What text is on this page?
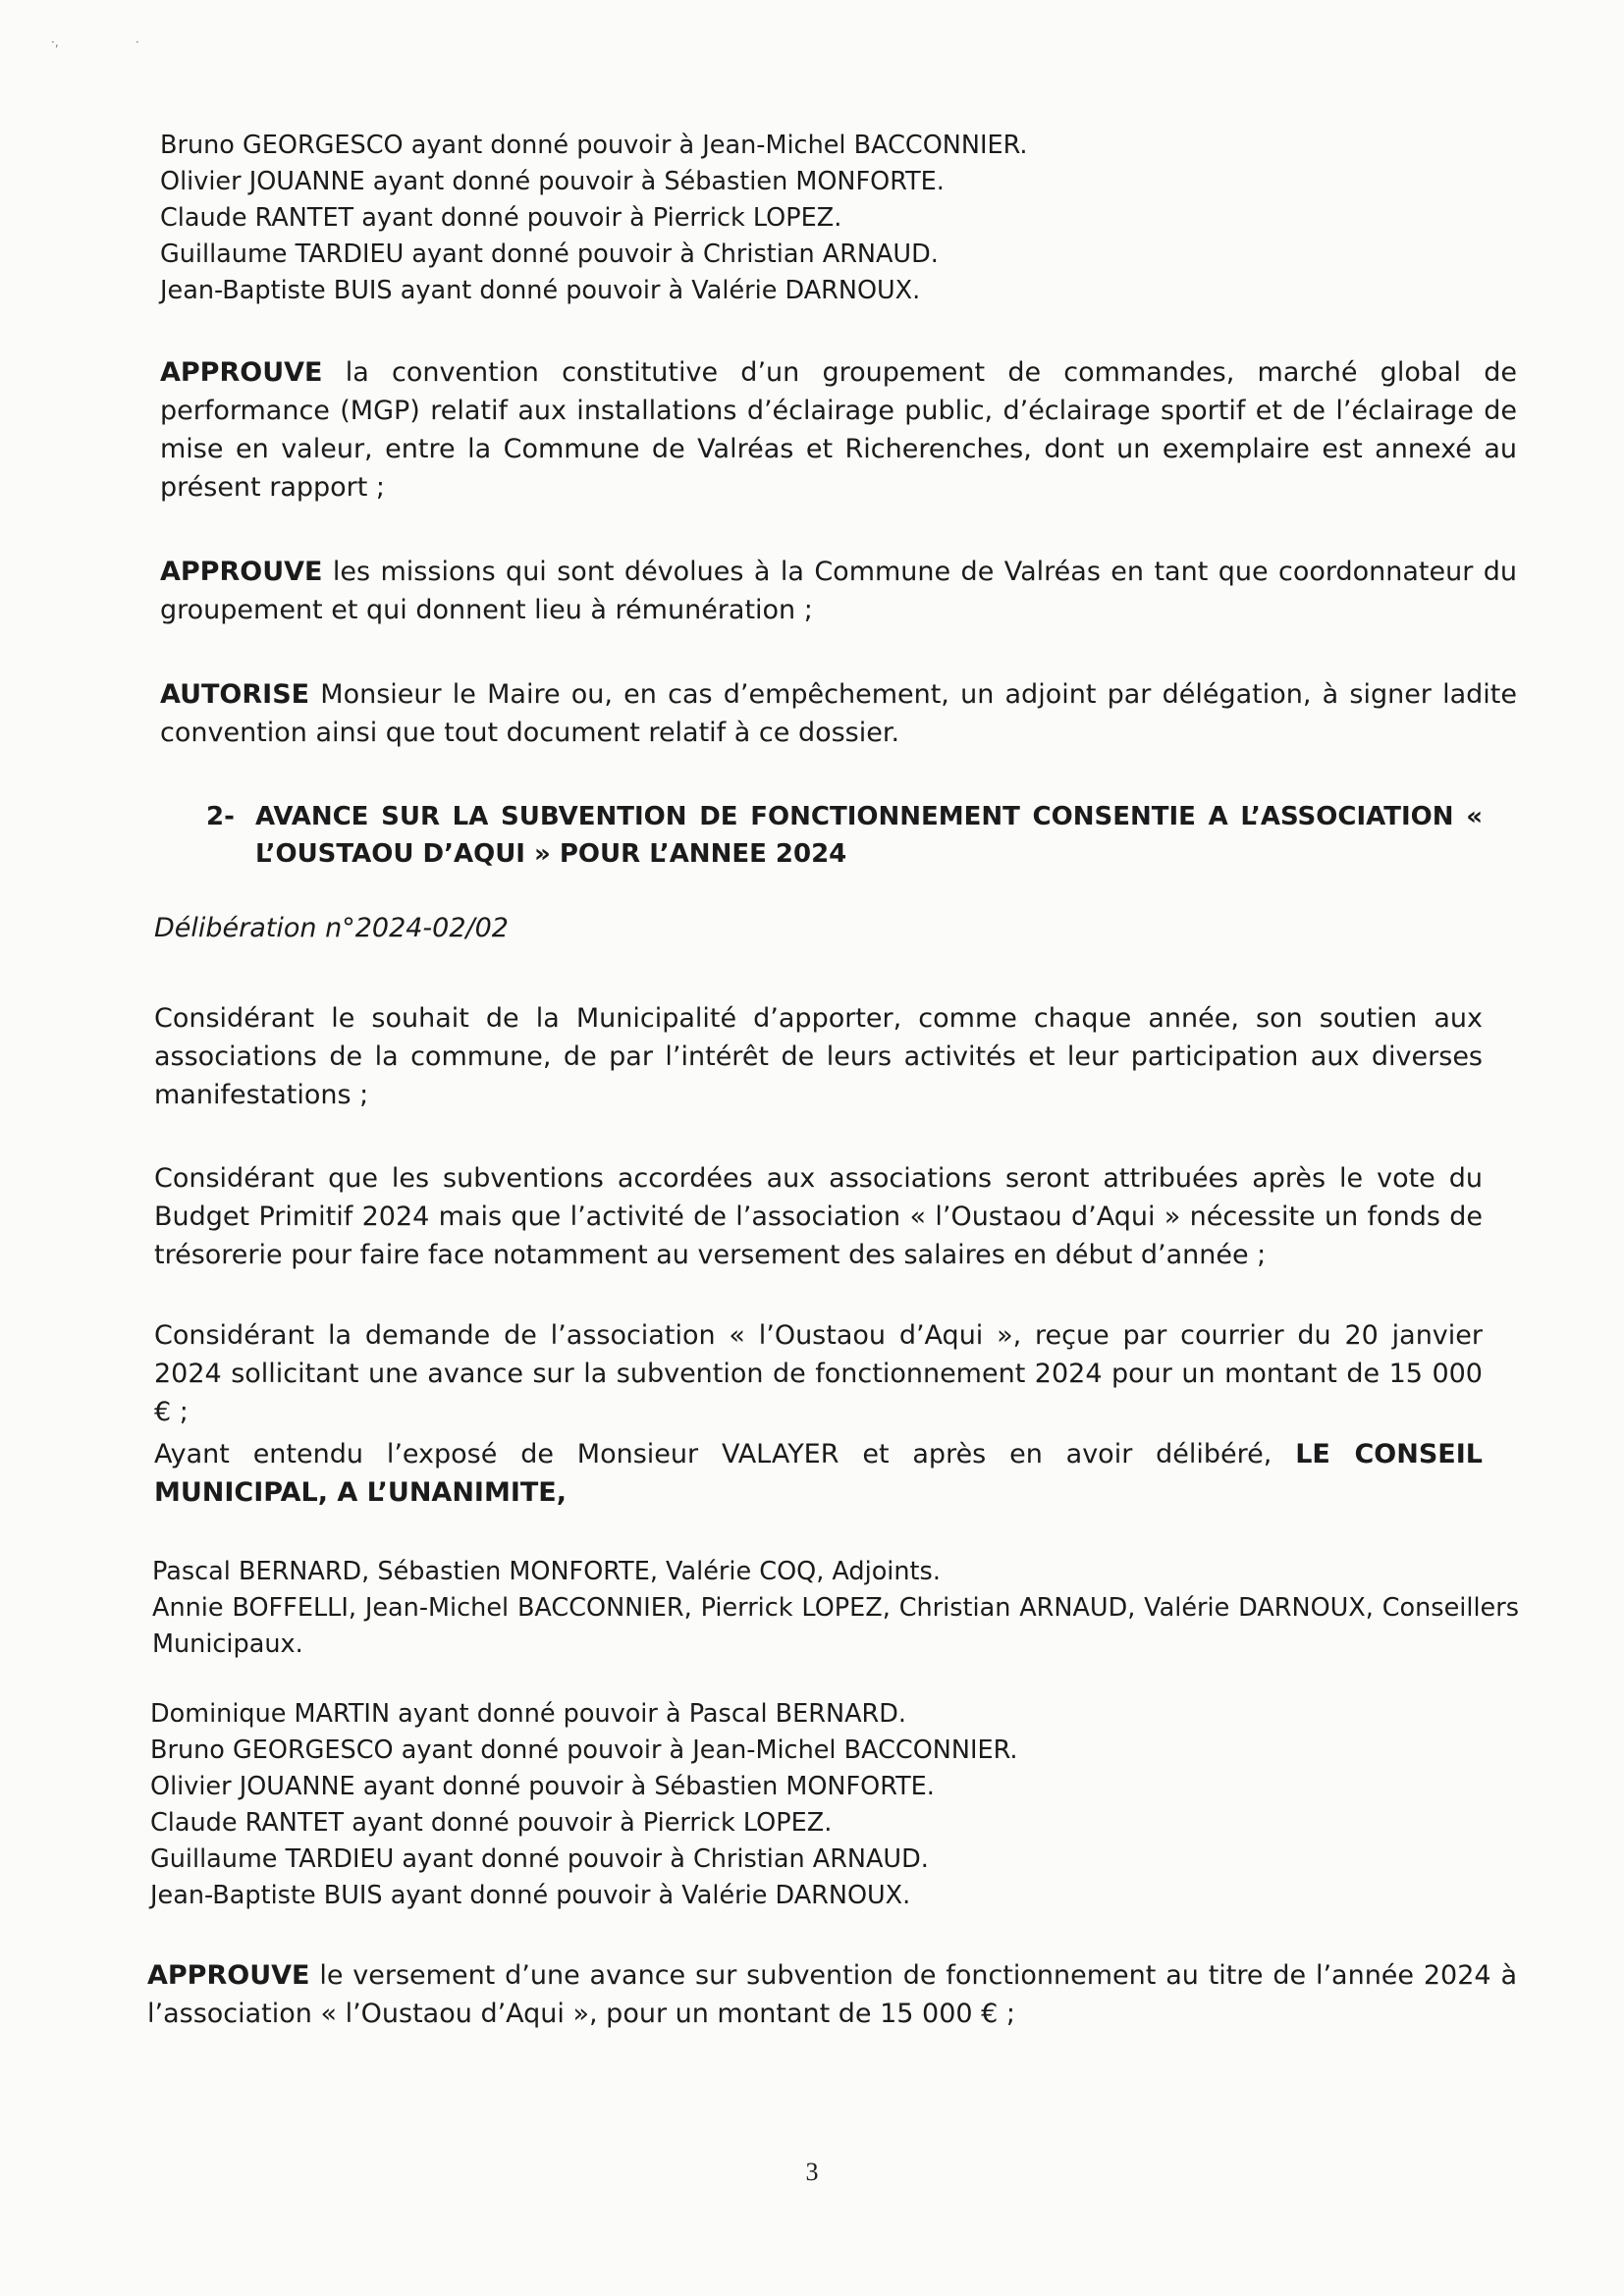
·,	·
Bruno GEORGESCO ayant donné pouvoir à Jean-Michel BACCONNIER.
Olivier JOUANNE ayant donné pouvoir à Sébastien MONFORTE.
Claude RANTET ayant donné pouvoir à Pierrick LOPEZ.
Guillaume TARDIEU ayant donné pouvoir à Christian ARNAUD.
Jean-Baptiste BUIS ayant donné pouvoir à Valérie DARNOUX.
APPROUVE la convention constitutive d’un groupement de commandes, marché global de performance (MGP) relatif aux installations d’éclairage public, d’éclairage sportif et de l’éclairage de mise en valeur, entre la Commune de Valréas et Richerenches, dont un exemplaire est annexé au présent rapport ;
APPROUVE les missions qui sont dévolues à la Commune de Valréas en tant que coordonnateur du groupement et qui donnent lieu à rémunération ;
AUTORISE Monsieur le Maire ou, en cas d’empêchement, un adjoint par délégation, à signer ladite convention ainsi que tout document relatif à ce dossier.
2- AVANCE SUR LA SUBVENTION DE FONCTIONNEMENT CONSENTIE A L’ASSOCIATION « L’OUSTAOU D’AQUI » POUR L’ANNEE 2024
Délibération n°2024-02/02
Considérant le souhait de la Municipalité d’apporter, comme chaque année, son soutien aux associations de la commune, de par l’intérêt de leurs activités et leur participation aux diverses manifestations ;
Considérant que les subventions accordées aux associations seront attribuées après le vote du Budget Primitif 2024 mais que l’activité de l’association « l’Oustaou d’Aqui » nécessite un fonds de trésorerie pour faire face notamment au versement des salaires en début d’année ;
Considérant la demande de l’association « l’Oustaou d’Aqui », reçue par courrier du 20 janvier 2024 sollicitant une avance sur la subvention de fonctionnement 2024 pour un montant de 15 000 € ;
Ayant entendu l’exposé de Monsieur VALAYER et après en avoir délibéré, LE CONSEIL MUNICIPAL, A L’UNANIMITE,
Pascal BERNARD, Sébastien MONFORTE, Valérie COQ, Adjoints.
Annie BOFFELLI, Jean-Michel BACCONNIER, Pierrick LOPEZ, Christian ARNAUD, Valérie DARNOUX, Conseillers Municipaux.
Dominique MARTIN ayant donné pouvoir à Pascal BERNARD.
Bruno GEORGESCO ayant donné pouvoir à Jean-Michel BACCONNIER.
Olivier JOUANNE ayant donné pouvoir à Sébastien MONFORTE.
Claude RANTET ayant donné pouvoir à Pierrick LOPEZ.
Guillaume TARDIEU ayant donné pouvoir à Christian ARNAUD.
Jean-Baptiste BUIS ayant donné pouvoir à Valérie DARNOUX.
APPROUVE le versement d’une avance sur subvention de fonctionnement au titre de l’année 2024 à l’association « l’Oustaou d’Aqui », pour un montant de 15 000 € ;
3
